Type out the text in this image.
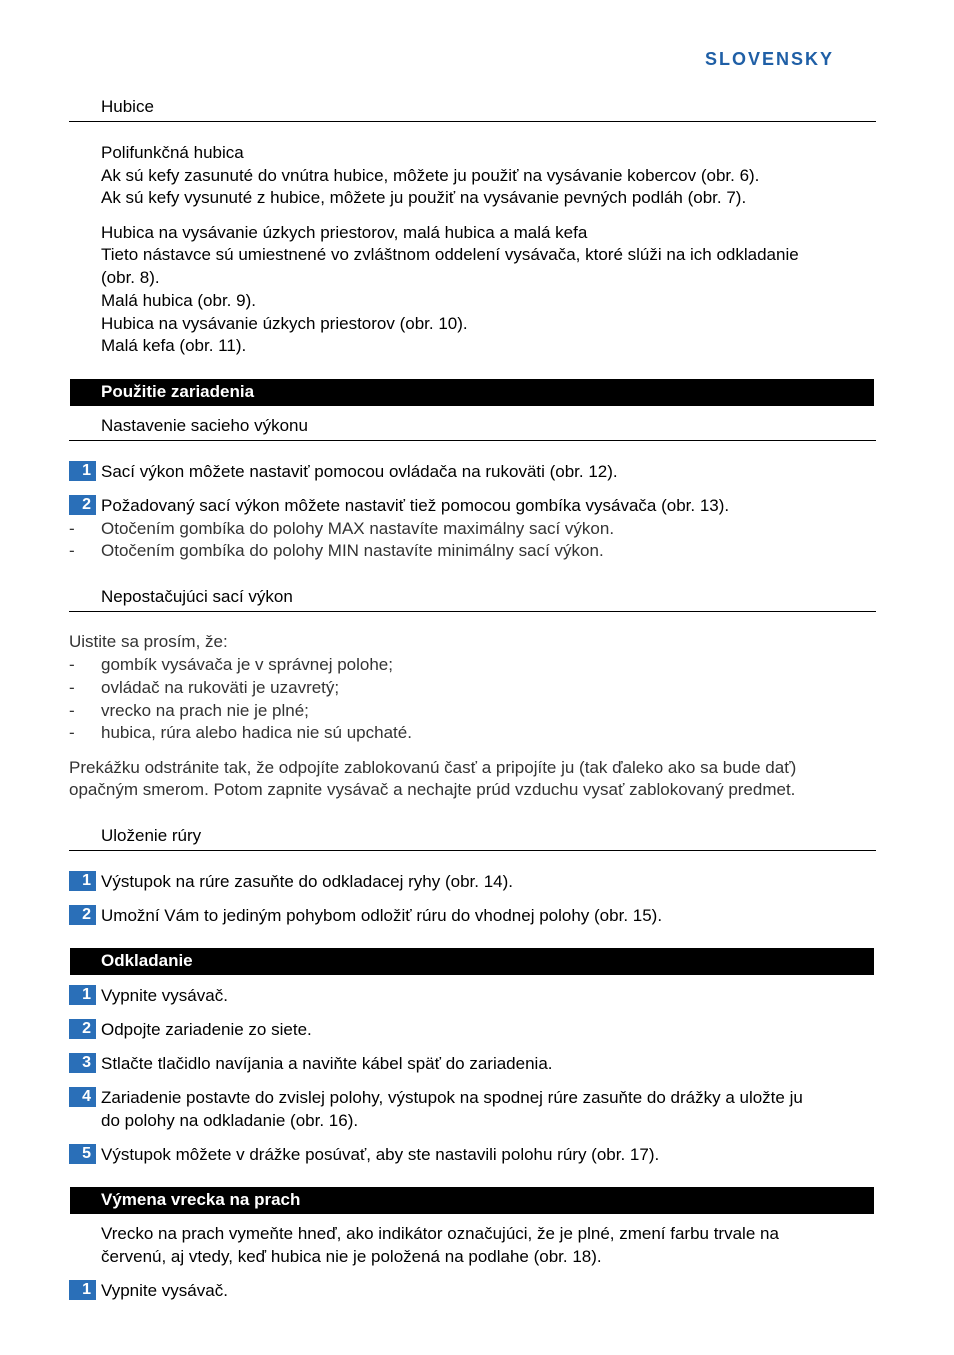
SLOVENSKY
Hubice
Polifunkčná hubica
Ak sú kefy zasunuté do vnútra hubice, môžete ju použiť na vysávanie kobercov (obr. 6).
Ak sú kefy vysunuté z hubice, môžete ju použiť na vysávanie pevných podláh (obr. 7).
Hubica na vysávanie úzkych priestorov, malá hubica a malá kefa
Tieto nástavce sú umiestnené vo zvláštnom oddelení vysávača, ktoré slúži na ich odkladanie
(obr. 8).
Malá hubica (obr. 9).
Hubica na vysávanie úzkych priestorov (obr. 10).
Malá kefa (obr. 11).
Použitie zariadenia
Nastavenie sacieho výkonu
1 Sací výkon môžete nastaviť pomocou ovládača na rukoväti (obr. 12).
2 Požadovaný sací výkon môžete nastaviť tiež pomocou gombíka vysávača (obr. 13).
- Otočením gombíka do polohy MAX nastavíte maximálny sací výkon.
- Otočením gombíka do polohy MIN nastavíte minimálny sací výkon.
Nepostačujúci sací výkon
Uistite sa prosím, že:
- gombík vysávača je v správnej polohe;
- ovládač na rukoväti je uzavretý;
- vrecko na prach nie je plné;
- hubica, rúra alebo hadica nie sú upchaté.
Prekážku odstránite tak, že odpojíte zablokovanú časť a pripojíte ju (tak ďaleko ako sa bude dať)
opačným smerom. Potom zapnite vysávač a nechajte prúd vzduchu vysať zablokovaný predmet.
Uloženie rúry
1 Výstupok na rúre zasuňte do odkladacej ryhy (obr. 14).
2 Umožní Vám to jediným pohybom odložiť rúru do vhodnej polohy (obr. 15).
Odkladanie
1 Vypnite vysávač.
2 Odpojte zariadenie zo siete.
3 Stlačte tlačidlo navíjania a naviňte kábel späť do zariadenia.
4 Zariadenie postavte do zvislej polohy, výstupok na spodnej rúre zasuňte do drážky a uložte ju
do polohy na odkladanie (obr. 16).
5 Výstupok môžete v drážke posúvať, aby ste nastavili polohu rúry (obr. 17).
Výmena vrecka na prach
Vrecko na prach vymeňte hneď, ako indikátor označujúci, že je plné, zmení farbu trvale na
červenú, aj vtedy, keď hubica nie je položená na podlahe (obr. 18).
1 Vypnite vysávač.
